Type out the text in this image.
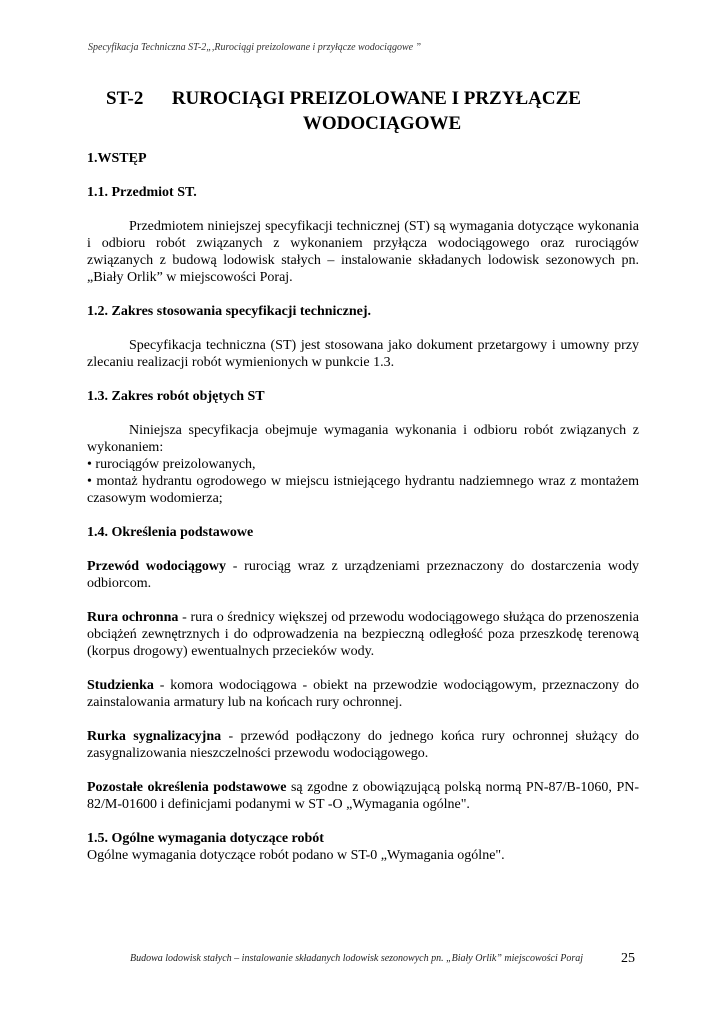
Specyfikacja Techniczna ST-2„,Rurociągi preizolowane i przyłącze wodociągowe ”
ST-2 RUROCIĄGI PREIZOLOWANE I PRZYŁĄCZE
WODOCIĄGOWE

1.WSTĘP

1.1. Przedmiot ST.

Przedmiotem niniejszej specyfikacji technicznej (ST) są wymagania dotyczące wykonania i odbioru robót związanych z wykonaniem przyłącza wodociągowego oraz rurociągów związanych z budową lodowisk stałych – instalowanie składanych lodowisk sezonowych pn. „Biały Orlik” w miejscowości Poraj.

1.2. Zakres stosowania specyfikacji technicznej.

Specyfikacja techniczna (ST) jest stosowana jako dokument przetargowy i umowny przy zlecaniu realizacji robót wymienionych w punkcie 1.3.

1.3. Zakres robót objętych ST

Niniejsza specyfikacja obejmuje wymagania wykonania i odbioru robót związanych z wykonaniem:

• rurociągów preizolowanych,

• montaż hydrantu ogrodowego w miejscu istniejącego hydrantu nadziemnego wraz z montażem czasowym wodomierza;

1.4. Określenia podstawowe

Przewód wodociągowy - rurociąg wraz z urządzeniami przeznaczony do dostarczenia wody odbiorcom.

Rura ochronna - rura o średnicy większej od przewodu wodociągowego służąca do przenoszenia obciążeń zewnętrznych i do odprowadzenia na bezpieczną odległość poza przeszkodę terenową (korpus drogowy) ewentualnych przecieków wody.

Studzienka - komora wodociągowa - obiekt na przewodzie wodociągowym, przeznaczony do zainstalowania armatury lub na końcach rury ochronnej.

Rurka sygnalizacyjna - przewód podłączony do jednego końca rury ochronnej służący do zasygnalizowania nieszczelności przewodu wodociągowego.

Pozostałe określenia podstawowe są zgodne z obowiązującą polską normą PN-87/B-1060, PN-82/M-01600 i definicjami podanymi w ST -O „Wymagania ogólne".

1.5. Ogólne wymagania dotyczące robót

Ogólne wymagania dotyczące robót podano w ST-0 „Wymagania ogólne".

Budowa lodowisk stałych – instalowanie składanych lodowisk sezonowych pn. „Biały Orlik” miejscowości Poraj	25
